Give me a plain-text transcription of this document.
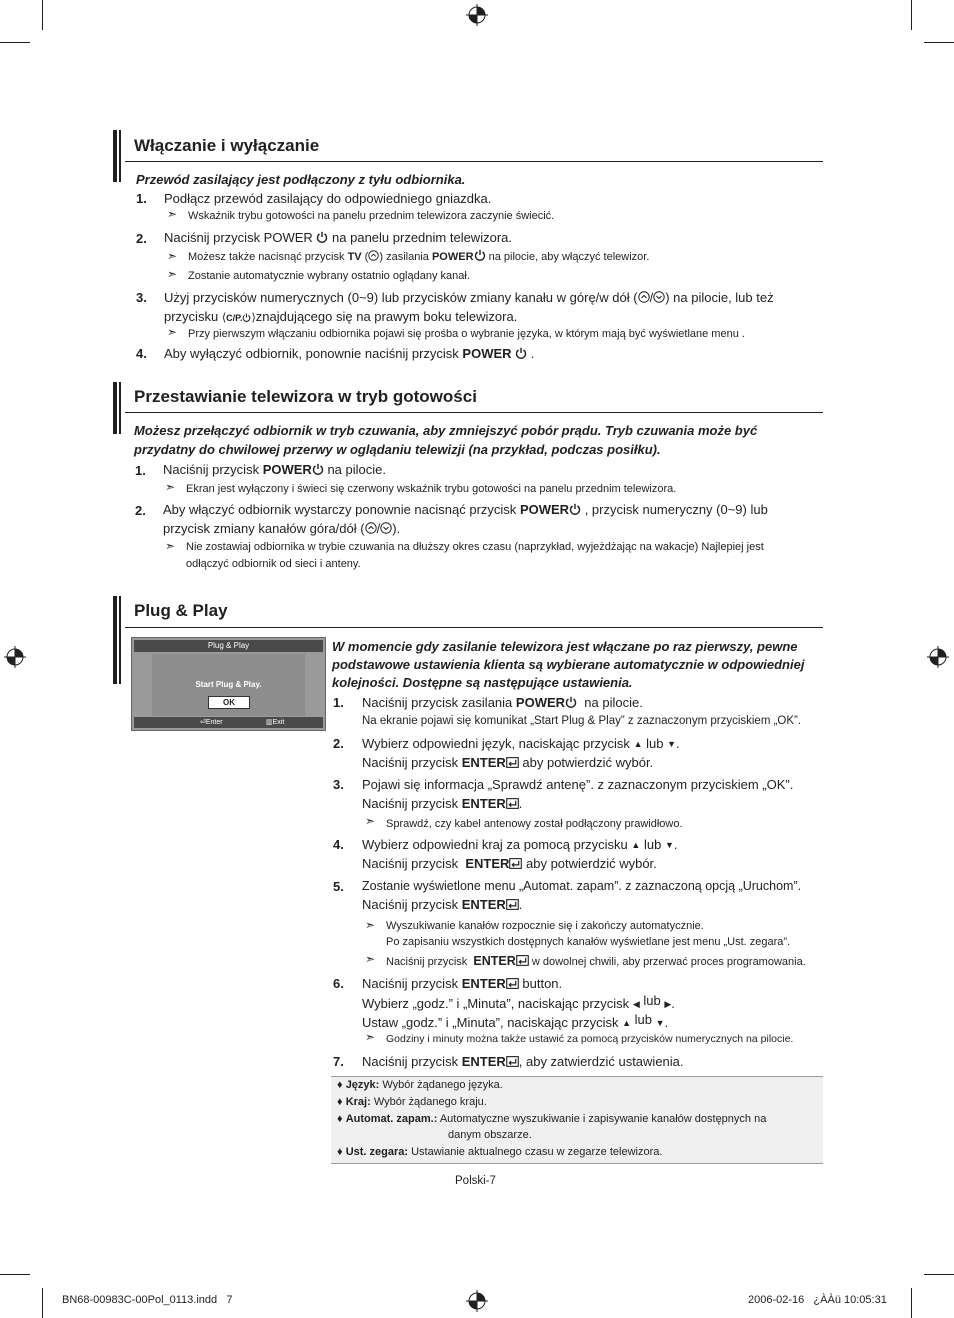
Włączanie i wyłączanie
Przewód zasilający jest podłączony z tyłu odbiornika.
1. Podłącz przewód zasilający do odpowiedniego gniazdka.
➣ Wskaźnik trybu gotowości na panelu przednim telewizora zaczynie świecić.
2. Naciśnij przycisk POWER na panelu przednim telewizora.
➣ Możesz także nacisnąć przycisk TV ( ) zasilania POWER na pilocie, aby włączyć telewizor.
➣ Zostanie automatycznie wybrany ostatnio oglądany kanał.
3. Użyj przycisków numerycznych (0~9) lub przycisków zmiany kanału w górę/w dół ( / ) na pilocie, lub też
przycisku ⟨C/P. ⟩znajdującego się na prawym boku telewizora.
➣ Przy pierwszym włączaniu odbiornika pojawi się prośba o wybranie języka, w którym mają być wyświetlane menu .
4. Aby wyłączyć odbiornik, ponownie naciśnij przycisk POWER .
Przestawianie telewizora w tryb gotowości
Możesz przełączyć odbiornik w tryb czuwania, aby zmniejszyć pobór prądu. Tryb czuwania może być
przydatny do chwilowej przerwy w oglądaniu telewizji (na przykład, podczas posiłku).
1. Naciśnij przycisk POWER na pilocie.
➣ Ekran jest wyłączony i świeci się czerwony wskaźnik trybu gotowości na panelu przednim telewizora.
2. Aby włączyć odbiornik wystarczy ponownie nacisnąć przycisk POWER , przycisk numeryczny (0~9) lub
przycisk zmiany kanałów góra/dół ( / ).
➣ Nie zostawiaj odbiornika w trybie czuwania na dłuższy okres czasu (naprzykład, wyjeżdżając na wakacje) Najlepiej jest
odłączyć odbiornik od sieci i anteny.
Plug & Play
Plug & Play
Start Plug & Play.
OK
⏎Enter	▥Exit
W momencie gdy zasilanie telewizora jest włączane po raz pierwszy, pewne
podstawowe ustawienia klienta są wybierane automatycznie w odpowiedniej
kolejności. Dostępne są następujące ustawienia.
1. Naciśnij przycisk zasilania POWER na pilocie.
Na ekranie pojawi się komunikat „Start Plug & Play” z zaznaczonym przyciskiem „OK”.
2. Wybierz odpowiedni język, naciskając przycisk ▲ lub ▼.
Naciśnij przycisk ENTER aby potwierdzić wybór.
3. Pojawi się informacja „Sprawdź antenę”. z zaznaczonym przyciskiem „OK”.
Naciśnij przycisk ENTER .
➣ Sprawdź, czy kabel antenowy został podłączony prawidłowo.
4. Wybierz odpowiedni kraj za pomocą przycisku ▲ lub ▼.
Naciśnij przycisk ENTER aby potwierdzić wybór.
5. Zostanie wyświetlone menu „Automat. zapam”. z zaznaczoną opcją „Uruchom”.
Naciśnij przycisk ENTER .
➣ Wyszukiwanie kanałów rozpocznie się i zakończy automatycznie.
Po zapisaniu wszystkich dostępnych kanałów wyświetlane jest menu „Ust. zegara”.
➣ Naciśnij przycisk ENTER w dowolnej chwili, aby przerwać proces programowania.
6. Naciśnij przycisk ENTER button.
Wybierz „godz.” i „Minuta”, naciskając przycisk ◀ lub ▶.
Ustaw „godz.” i „Minuta”, naciskając przycisk ▲ lub ▼.
➣ Godziny i minuty można także ustawić za pomocą przycisków numerycznych na pilocie.
7. Naciśnij przycisk ENTER , aby zatwierdzić ustawienia.
♦ Język: Wybór żądanego języka.
♦ Kraj: Wybór żądanego kraju.
♦ Automat. zapam.: Automatyczne wyszukiwanie i zapisywanie kanałów dostępnych na
danym obszarze.
♦ Ust. zegara: Ustawianie aktualnego czasu w zegarze telewizora.
Polski-7
BN68-00983C-00Pol_0113.indd 7	2006-02-16   ¿ÀÀü 10:05:31
